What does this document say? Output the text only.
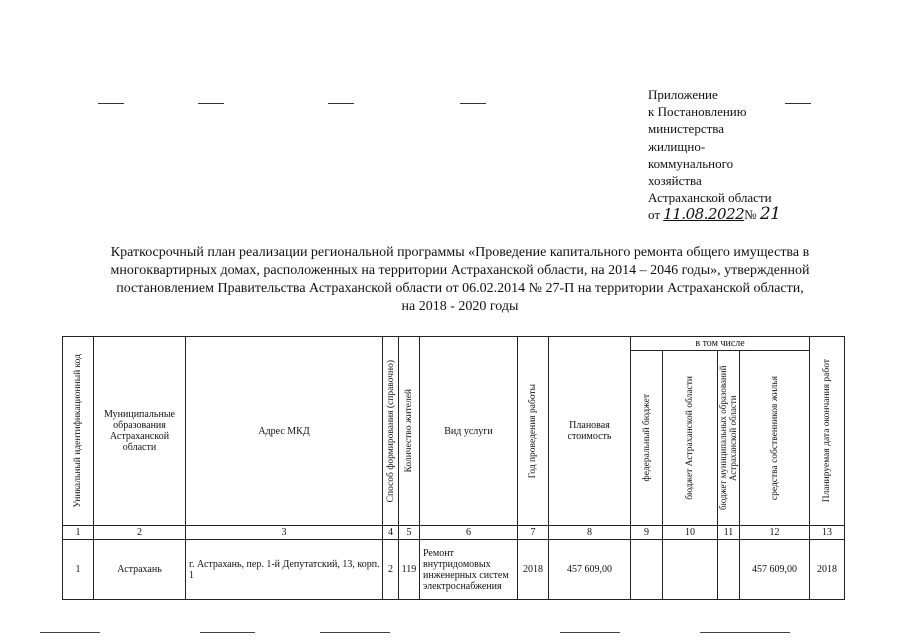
Приложение
к Постановлению
министерства
жилищно-
коммунального
хозяйства
Астраханской области
от 11.08.2022№ 21
Краткосрочный план реализации региональной программы «Проведение капитального ремонта общего имущества в
многоквартирных домах, расположенных на территории Астраханской области, на 2014 – 2046 годы», утвержденной
постановлением Правительства Астраханской области от 06.02.2014 № 27-П на территории Астраханской области,
на 2018 - 2020 годы
Уникальный идентификационный код	Муниципальные образования Астраханской области	Адрес МКД	Способ формирования (справочно)	Количество жителей	Вид услуги	Год проведения работы	Плановая стоимость	в том числе				Планируемая дата окончания работ

								федеральный бюджет	бюджет Астраханской области	бюджет муниципальных образований Астраханской области	средства собственников жилья	

1	2	3	4	5	6	7	8	9	10	11	12	13
1	Астрахань	г. Астрахань, пер. 1-й Депутатский, 13, корп. 1	2	119	Ремонт внутридомовых инженерных систем электроснабжения	2018	457 609,00				457 609,00	2018
